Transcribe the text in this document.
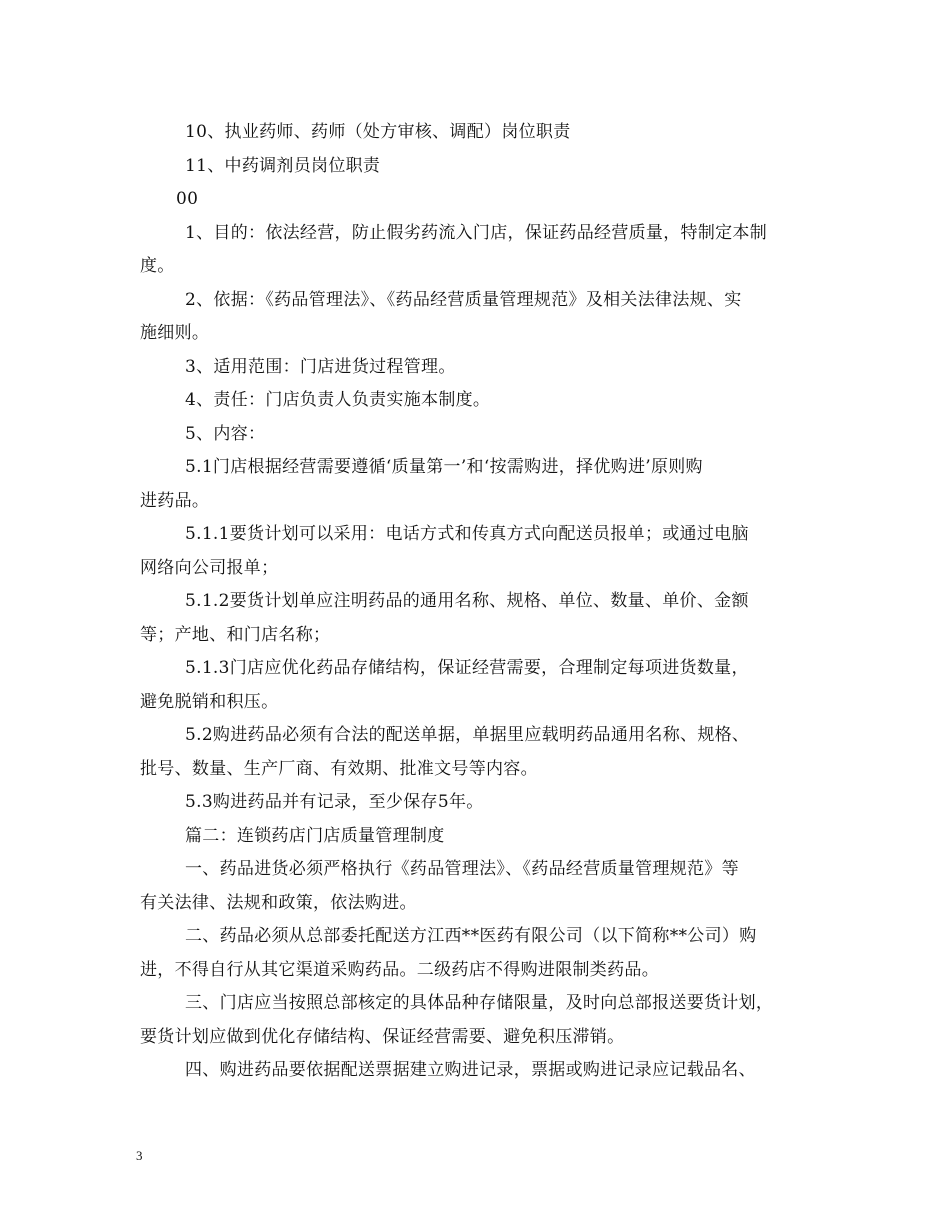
10、执业药师、药师（处方审核、调配）岗位职责
11、中药调剂员岗位职责
00
1、目的：依法经营，防止假劣药流入门店，保证药品经营质量，特制定本制
度。
2、依据：《药品管理法》、《药品经营质量管理规范》及相关法律法规、实
施细则。
3、适用范围：门店进货过程管理。
4、责任：门店负责人负责实施本制度。
5、内容：
5.1门店根据经营需要遵循‘质量第一’和‘按需购进，择优购进’原则购
进药品。
5.1.1要货计划可以采用：电话方式和传真方式向配送员报单；或通过电脑
网络向公司报单；
5.1.2要货计划单应注明药品的通用名称、规格、单位、数量、单价、金额
等；产地、和门店名称；
5.1.3门店应优化药品存储结构，保证经营需要，合理制定每项进货数量，
避免脱销和积压。
5.2购进药品必须有合法的配送单据，单据里应载明药品通用名称、规格、
批号、数量、生产厂商、有效期、批准文号等内容。
5.3购进药品并有记录，至少保存5年。
篇二：连锁药店门店质量管理制度
一、药品进货必须严格执行《药品管理法》、《药品经营质量管理规范》等
有关法律、法规和政策，依法购进。
二、药品必须从总部委托配送方江西**医药有限公司（以下简称**公司）购
进，不得自行从其它渠道采购药品。二级药店不得购进限制类药品。
三、门店应当按照总部核定的具体品种存储限量，及时向总部报送要货计划，
要货计划应做到优化存储结构、保证经营需要、避免积压滞销。
四、购进药品要依据配送票据建立购进记录，票据或购进记录应记载品名、
3
